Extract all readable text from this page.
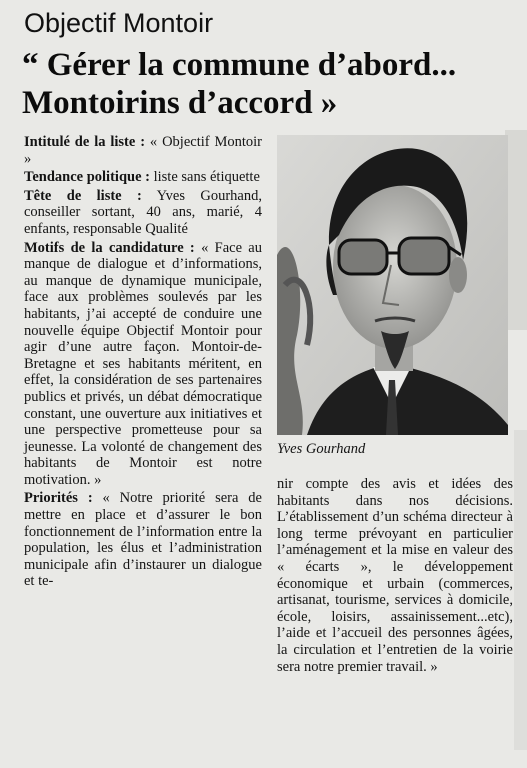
Objectif Montoir
“ Gérer la commune d’abord... Montoirins d’accord »

Intitulé de la liste : « Objectif Montoir »

Tendance politique : liste sans étiquette

Tête de liste : Yves Gourhand, conseiller sortant, 40 ans, marié, 4 enfants, responsable Qualité

Motifs de la candidature : « Face au manque de dialogue et d’informations, au manque de dynamique municipale, face aux problèmes soulevés par les habitants, j’ai accepté de conduire une nouvelle équipe Objectif Montoir pour agir d’une autre façon. Montoir-de-Bretagne et ses habitants méritent, en effet, la considération de ses partenaires publics et privés, un débat démocratique constant, une ouverture aux initiatives et une perspective prometteuse pour sa jeunesse. La volonté de changement des habitants de Montoir est notre motivation. »

Priorités : « Notre priorité sera de mettre en place et d’assurer le bon fonctionnement de l’information entre la population, les élus et l’administration municipale afin d’instaurer un dialogue et te-

Yves Gourhand

nir compte des avis et idées des habitants dans nos décisions. L’établissement d’un schéma directeur à long terme prévoyant en particulier l’aménagement et la mise en valeur des « écarts », le développement économique et urbain (commerces, artisanat, tourisme, services à domicile, école, loisirs, assainissement...etc), l’aide et l’accueil des personnes âgées, la circulation et l’entretien de la voirie sera notre premier travail. »
